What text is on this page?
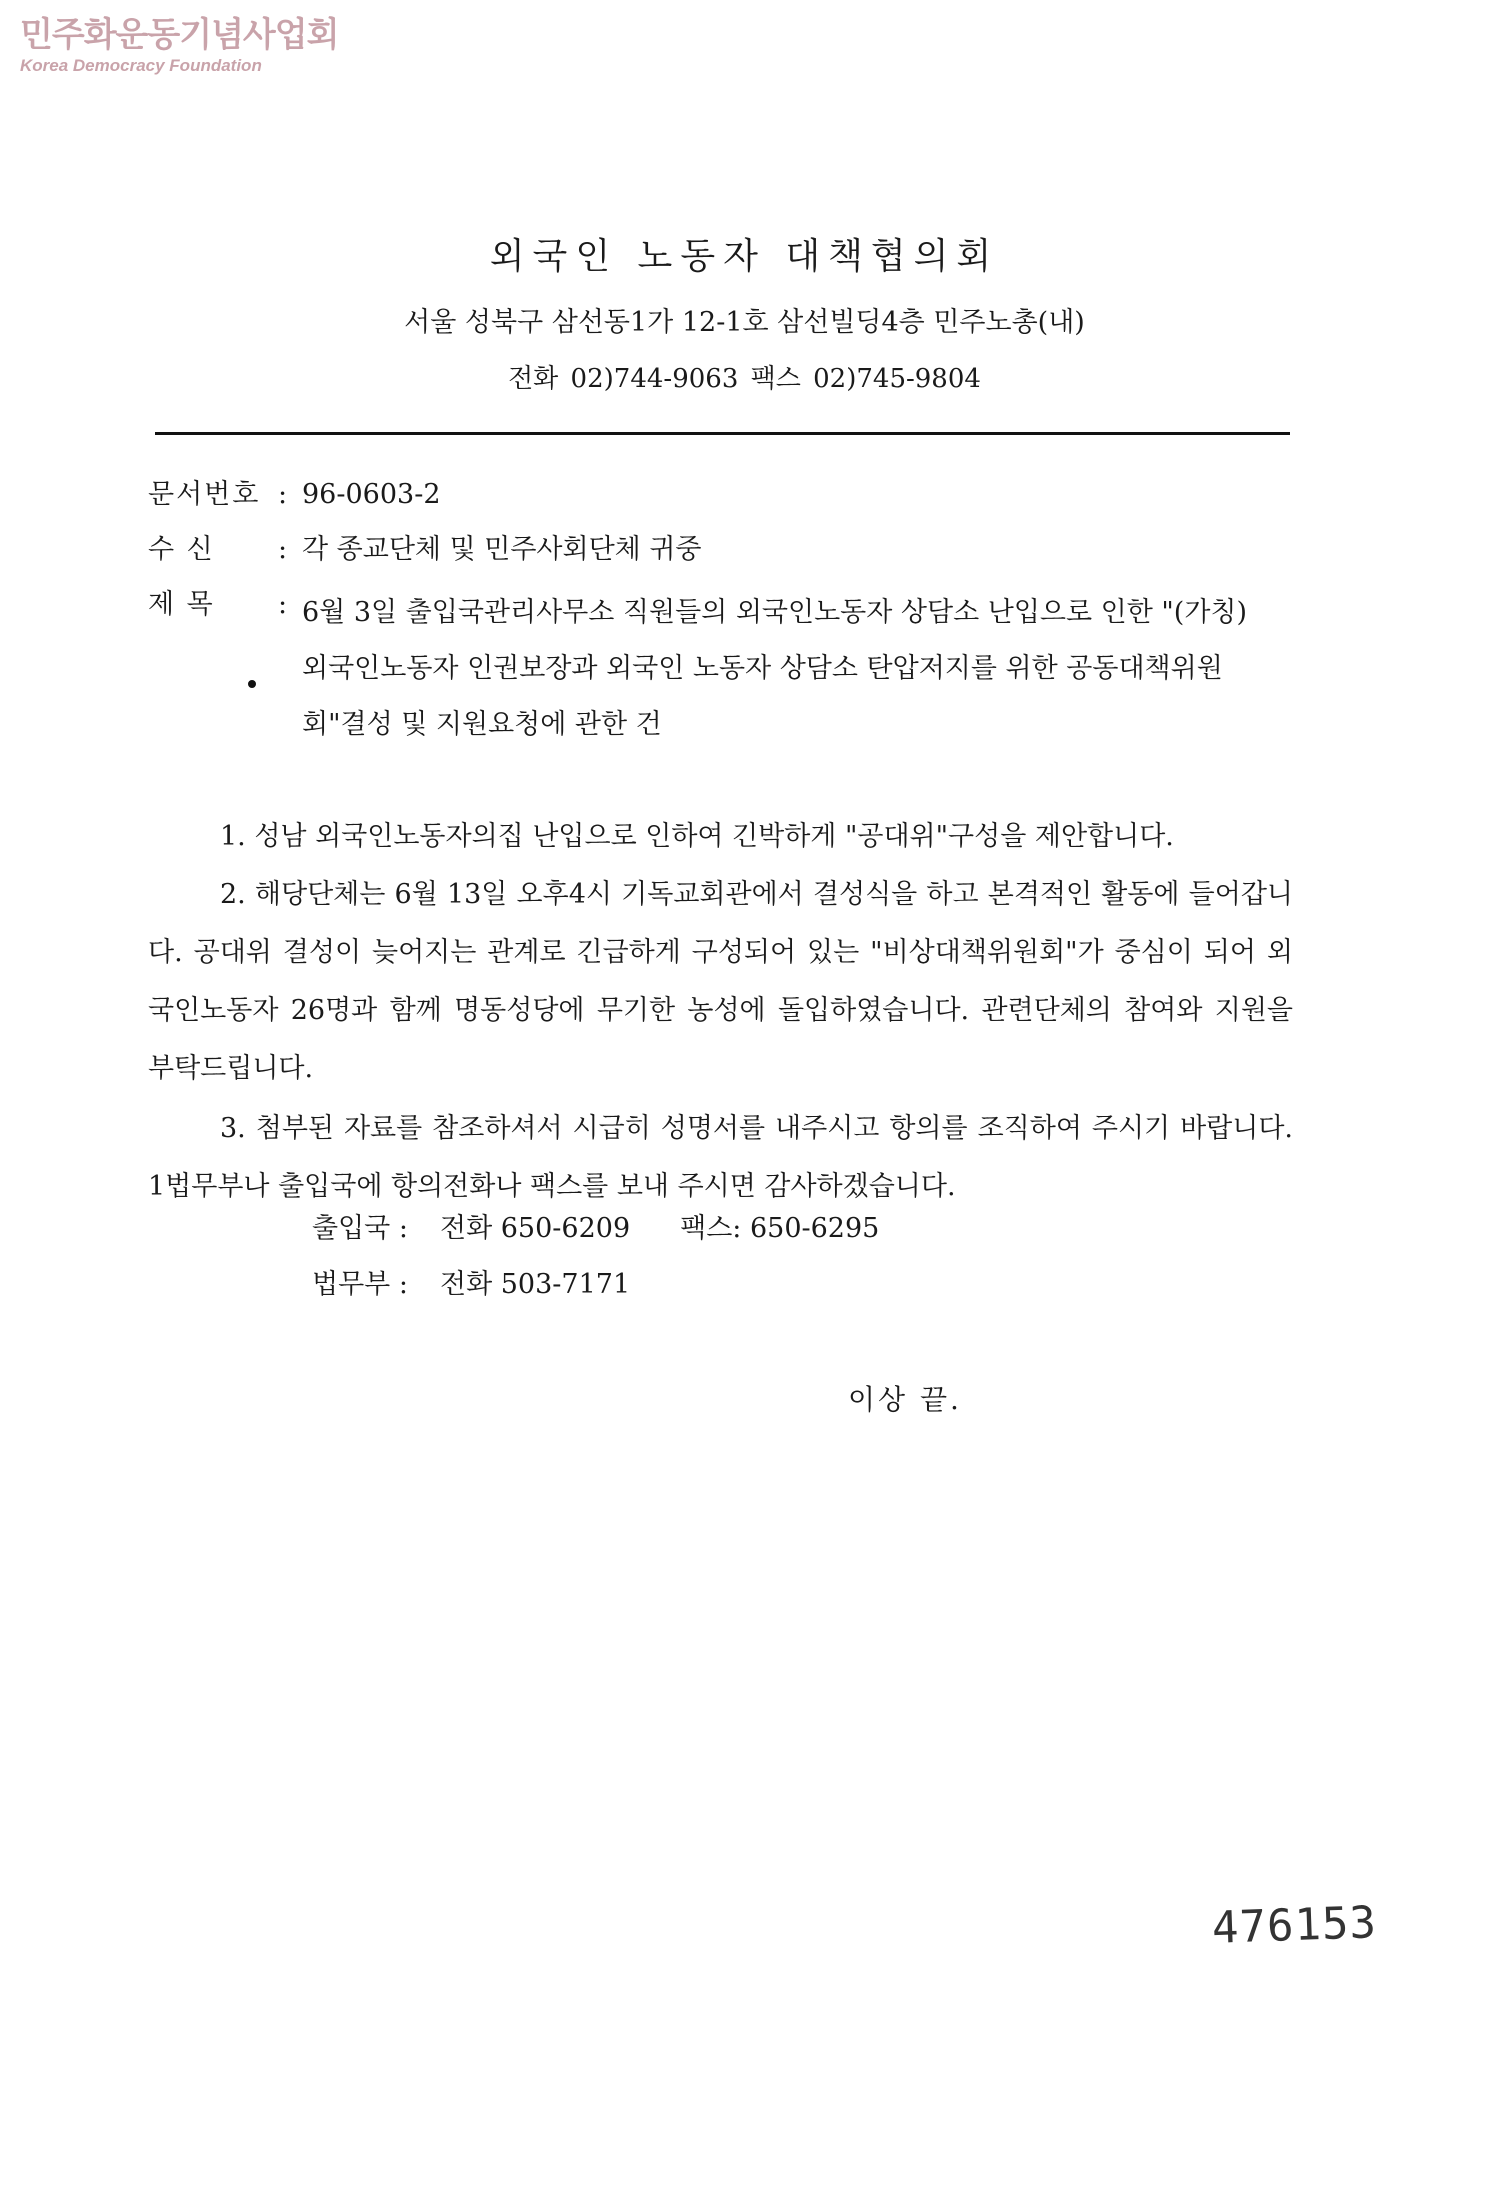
민주화운동기념사업회
Korea Democracy Foundation
외국인 노동자 대책협의회
서울 성북구 삼선동1가 12-1호 삼선빌딩4층 민주노총(내)
전화 02)744-9063 팩스 02)745-9804
문서번호 : 96-0603-2
수 신 : 각 종교단체 및 민주사회단체 귀중
제 목 : 6월 3일 출입국관리사무소 직원들의 외국인노동자 상담소 난입으로 인한 "(가칭) 외국인노동자 인권보장과 외국인 노동자 상담소 탄압저지를 위한 공동대책위원회"결성 및 지원요청에 관한 건
1. 성남 외국인노동자의집 난입으로 인하여 긴박하게 "공대위"구성을 제안합니다.
2. 해당단체는 6월 13일 오후4시 기독교회관에서 결성식을 하고 본격적인 활동에 들어갑니다. 공대위 결성이 늦어지는 관계로 긴급하게 구성되어 있는 "비상대책위원회"가 중심이 되어 외국인노동자 26명과 함께 명동성당에 무기한 농성에 돌입하였습니다. 관련단체의 참여와 지원을 부탁드립니다.
3. 첨부된 자료를 참조하셔서 시급히 성명서를 내주시고 항의를 조직하여 주시기 바랍니다. 1법무부나 출입국에 항의전화나 팩스를 보내 주시면 감사하겠습니다.
출입국 : 전화 650-6209 팩스: 650-6295
법무부 : 전화 503-7171
이상 끝.
476153
